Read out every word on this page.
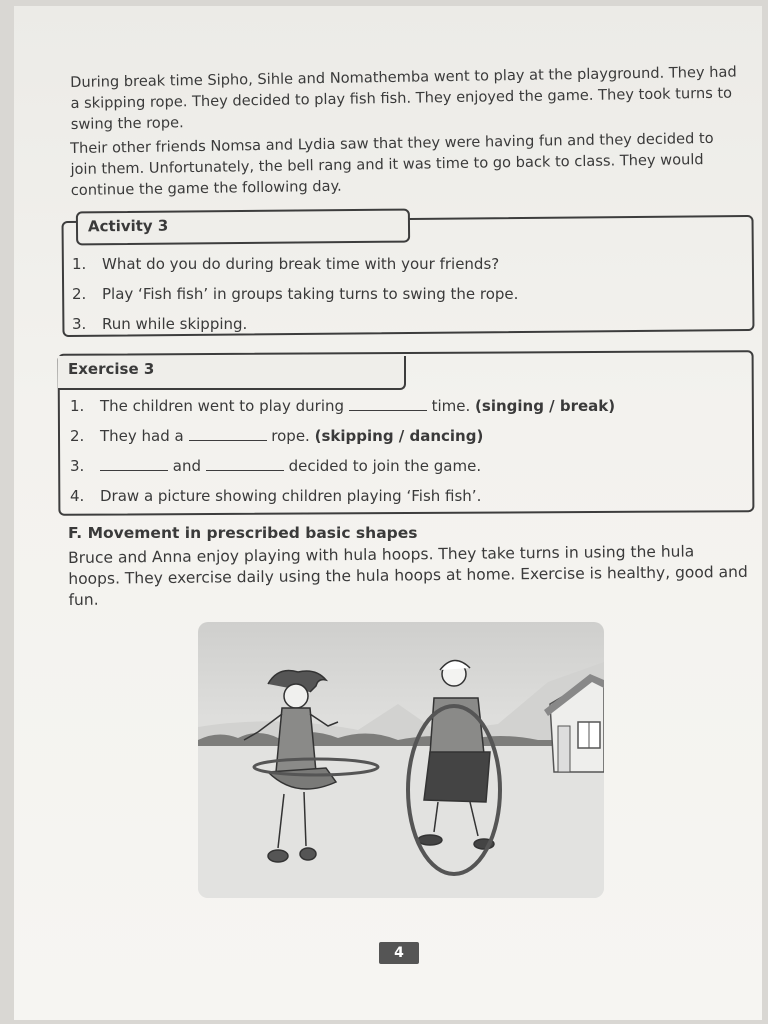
During break time Sipho, Sihle and Nomathemba went to play at the playground. They had a skipping rope. They decided to play fish fish. They enjoyed the game. They took turns to swing the rope.

Their other friends Nomsa and Lydia saw that they were having fun and they decided to join them. Unfortunately, the bell rang and it was time to go back to class. They would continue the game the following day.

Activity 3
1. What do you do during break time with your friends?
2. Play ‘Fish fish’ in groups taking turns to swing the rope.
3. Run while skipping.
Exercise 3
1. The children went to play during	time. (singing / break)
2. They had a	rope. (skipping / dancing)
3.	and	decided to join the game.
4. Draw a picture showing children playing ‘Fish fish’.
F. Movement in prescribed basic shapes

Bruce and Anna enjoy playing with hula hoops. They take turns in using the hula hoops. They exercise daily using the hula hoops at home. Exercise is healthy, good and fun.

4
